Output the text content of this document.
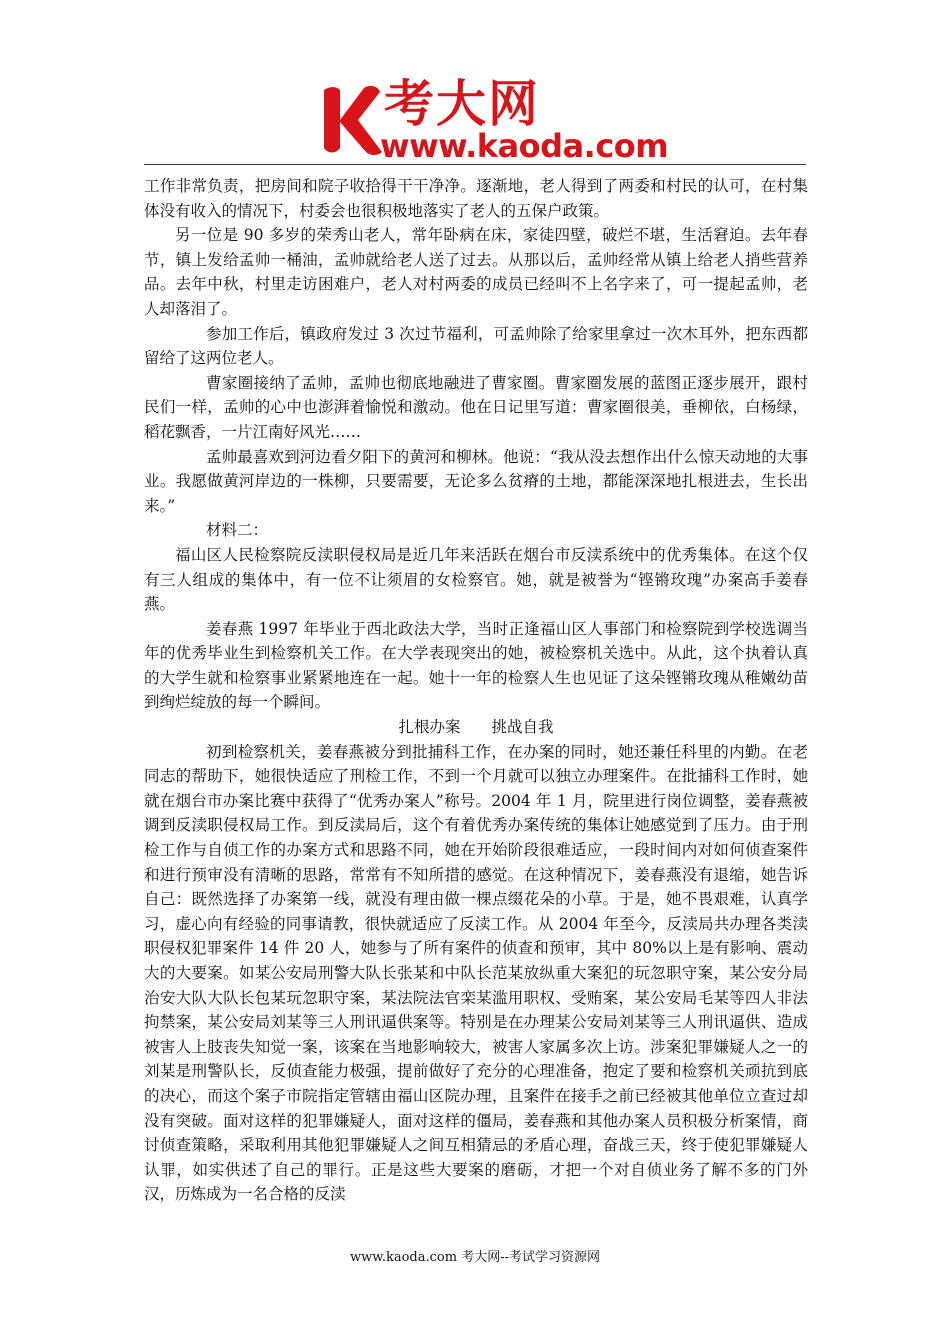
考大网
www.kaoda.com

工作非常负责，把房间和院子收拾得干干净净。逐渐地，老人得到了两委和村民的认可，在村集体没有收入的情况下，村委会也很积极地落实了老人的五保户政策。

另一位是 90 多岁的荣秀山老人，常年卧病在床，家徒四壁，破烂不堪，生活窘迫。去年春节，镇上发给孟帅一桶油，孟帅就给老人送了过去。从那以后，孟帅经常从镇上给老人捎些营养品。去年中秋，村里走访困难户，老人对村两委的成员已经叫不上名字来了，可一提起孟帅，老人却落泪了。

参加工作后，镇政府发过 3 次过节福利，可孟帅除了给家里拿过一次木耳外，把东西都留给了这两位老人。

曹家圈接纳了孟帅，孟帅也彻底地融进了曹家圈。曹家圈发展的蓝图正逐步展开，跟村民们一样，孟帅的心中也澎湃着愉悦和激动。他在日记里写道：曹家圈很美，垂柳依，白杨绿，稻花飘香，一片江南好风光……

孟帅最喜欢到河边看夕阳下的黄河和柳林。他说：“我从没去想作出什么惊天动地的大事业。我愿做黄河岸边的一株柳，只要需要，无论多么贫瘠的土地，都能深深地扎根进去，生长出来。”

材料二：

福山区人民检察院反渎职侵权局是近几年来活跃在烟台市反渎系统中的优秀集体。在这个仅有三人组成的集体中，有一位不让须眉的女检察官。她，就是被誉为“铿锵玫瑰”办案高手姜春燕。

姜春燕 1997 年毕业于西北政法大学，当时正逢福山区人事部门和检察院到学校选调当年的优秀毕业生到检察机关工作。在大学表现突出的她，被检察机关选中。从此，这个执着认真的大学生就和检察事业紧紧地连在一起。她十一年的检察人生也见证了这朵铿锵玫瑰从稚嫩幼苗到绚烂绽放的每一个瞬间。

扎根办案　　挑战自我

初到检察机关，姜春燕被分到批捕科工作，在办案的同时，她还兼任科里的内勤。在老同志的帮助下，她很快适应了刑检工作，不到一个月就可以独立办理案件。在批捕科工作时，她就在烟台市办案比赛中获得了“优秀办案人”称号。2004 年 1 月，院里进行岗位调整，姜春燕被调到反渎职侵权局工作。到反渎局后，这个有着优秀办案传统的集体让她感觉到了压力。由于刑检工作与自侦工作的办案方式和思路不同，她在开始阶段很难适应，一段时间内对如何侦查案件和进行预审没有清晰的思路，常常有不知所措的感觉。在这种情况下，姜春燕没有退缩，她告诉自己：既然选择了办案第一线，就没有理由做一棵点缀花朵的小草。于是，她不畏艰难，认真学习，虚心向有经验的同事请教，很快就适应了反渎工作。从 2004 年至今，反渎局共办理各类渎职侵权犯罪案件 14 件 20 人，她参与了所有案件的侦查和预审，其中 80%以上是有影响、震动大的大要案。如某公安局刑警大队长张某和中队长范某放纵重大案犯的玩忽职守案，某公安分局治安大队大队长包某玩忽职守案，某法院法官栾某滥用职权、受贿案，某公安局毛某等四人非法拘禁案，某公安局刘某等三人刑讯逼供案等。特别是在办理某公安局刘某等三人刑讯逼供、造成被害人上肢丧失知觉一案，该案在当地影响较大，被害人家属多次上访。涉案犯罪嫌疑人之一的刘某是刑警队长，反侦查能力极强，提前做好了充分的心理准备，抱定了要和检察机关顽抗到底的决心，而这个案子市院指定管辖由福山区院办理，且案件在接手之前已经被其他单位立查过却没有突破。面对这样的犯罪嫌疑人，面对这样的僵局，姜春燕和其他办案人员积极分析案情，商讨侦查策略，采取利用其他犯罪嫌疑人之间互相猜忌的矛盾心理，奋战三天，终于使犯罪嫌疑人认罪，如实供述了自己的罪行。正是这些大要案的磨砺，才把一个对自侦业务了解不多的门外汉，历炼成为一名合格的反渎

www.kaoda.com 考大网--考试学习资源网
